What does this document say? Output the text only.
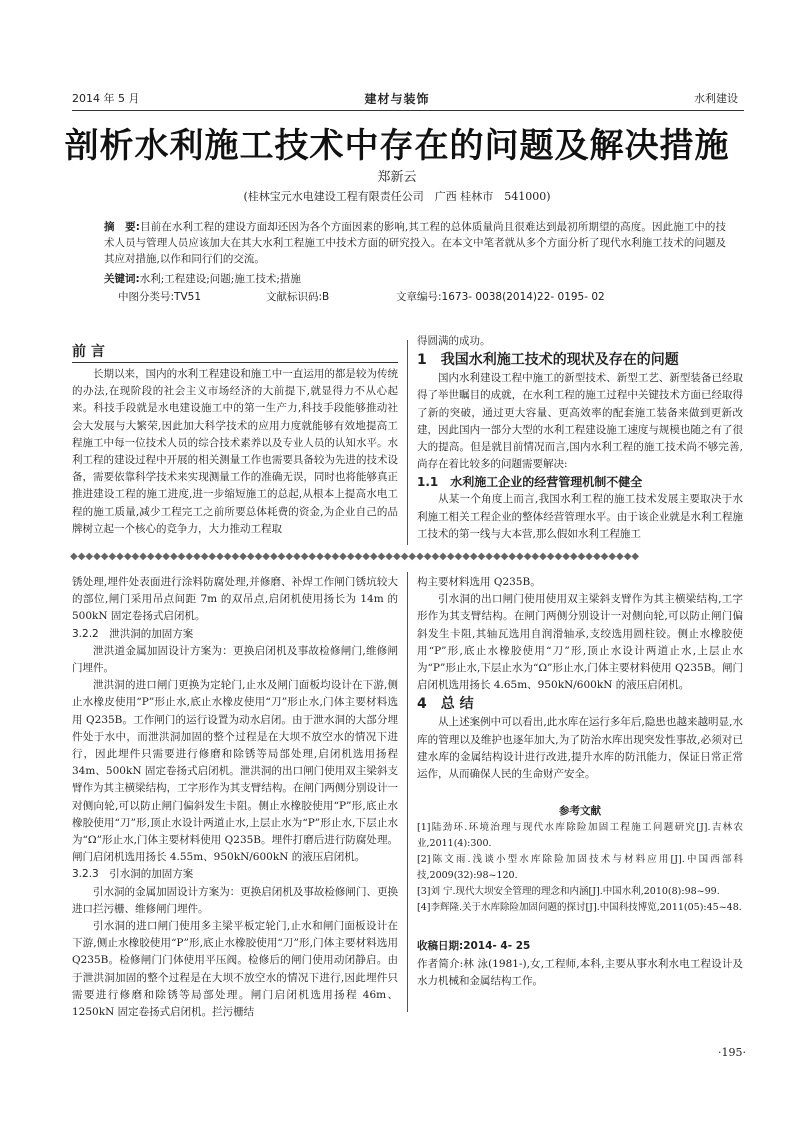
2014 年 5 月	建材与装饰	水利建设
剖析水利施工技术中存在的问题及解决措施
郑新云
(桂林宝元水电建设工程有限责任公司　广西 桂林市　541000)
摘　要:目前在水利工程的建设方面却还因为各个方面因素的影响,其工程的总体质量尚且很难达到最初所期望的高度。因此施工中的技术人员与管理人员应该加大在其大水利工程施工中技术方面的研究投入。在本文中笔者就从多个方面分析了现代水利施工技术的问题及其应对措施,以作和同行们的交流。
关键词:水利;工程建设;问题;施工技术;措施
中图分类号:TV51	文献标识码:B	文章编号:1673- 0038(2014)22- 0195- 02
前 言

长期以来，国内的水利工程建设和施工中一直运用的都是较为传统的办法,在现阶段的社会主义市场经济的大前提下,就显得力不从心起来。科技手段就是水电建设施工中的第一生产力,科技手段能够推动社会大发展与大繁荣,因此加大科学技术的应用力度就能够有效地提高工程施工中每一位技术人员的综合技术素养以及专业人员的认知水平。水利工程的建设过程中开展的相关测量工作也需要具备较为先进的技术设备，需要依靠科学技术来实现测量工作的准确无误，同时也将能够真正推进建设工程的施工进度,进一步缩短施工的总起,从根本上提高水电工程的施工质量,减少工程完工之前所要总体耗费的资金,为企业自己的品牌树立起一个核心的竞争力，大力推动工程取

得圆满的成功。

1　我国水利施工技术的现状及存在的问题

国内水利建设工程中施工的新型技术、新型工艺、新型装备已经取得了举世瞩目的成就，在水利工程的施工过程中关键技术方面已经取得了新的突破，通过更大容量、更高效率的配套施工装备来做到更新改建，因此国内一部分大型的水利工程建设施工速度与规模也随之有了很大的提高。但是就目前情况而言,国内水利工程的施工技术尚不够完善,尚存在着比较多的问题需要解决:

1.1　水利施工企业的经营管理机制不健全

从某一个角度上而言,我国水利工程的施工技术发展主要取决于水利施工相关工程企业的整体经营管理水平。由于该企业就是水利工程施工技术的第一线与大本营,那么假如水利工程施工

◆◆◆◆◆◆◆◆◆◆◆◆◆◆◆◆◆◆◆◆◆◆◆◆◆◆◆◆◆◆◆◆◆◆◆◆◆◆◆◆◆◆◆◆◆◆◆◆◆◆◆◆◆◆◆◆◆◆◆◆◆◆◆◆◆◆◆◆◆◆◆◆◆◆

锈处理,埋件处表面进行涂料防腐处理,并修磨、补焊工作闸门锈坑较大的部位,闸门采用吊点间距 7m 的双吊点,启闭机使用扬长为 14m 的 500kN 固定卷扬式启闭机。

3.2.2　泄洪洞的加固方案

泄洪道金属加固设计方案为：更换启闭机及事故检修闸门,维修闸门埋件。

泄洪洞的进口闸门更换为定轮门,止水及闸门面板均设计在下游,侧止水橡皮使用“P”形止水,底止水橡皮使用“刀”形止水,门体主要材料选用 Q235B。工作闸门的运行设置为动水启闭。由于泄水洞的大部分埋件处于水中，而泄洪洞加固的整个过程是在大坝不放空水的情况下进行，因此埋件只需要进行修磨和除锈等局部处理,启闭机选用扬程 34m、500kN 固定卷扬式启闭机。泄洪洞的出口闸门使用双主梁斜支臂作为其主横梁结构，工字形作为其支臂结构。在闸门两侧分别设计一对侧向轮,可以防止闸门偏斜发生卡阻。侧止水橡胶使用“P”形,底止水橡胶使用“刀”形,顶止水设计两道止水,上层止水为“P”形止水,下层止水为“Ω”形止水,门体主要材料使用 Q235B。埋件打磨后进行防腐处理。闸门启闭机选用扬长 4.55m、950kN/600kN 的液压启闭机。

3.2.3　引水洞的加固方案

引水洞的金属加固设计方案为：更换启闭机及事故检修闸门、更换进口拦污栅、维修闸门埋件。

引水洞的进口闸门使用多主梁平板定轮门,止水和闸门面板设计在下游,侧止水橡胶使用“P”形,底止水橡胶使用“刀”形,门体主要材料选用 Q235B。检修闸门门体使用平压阀。检修后的闸门使用动闭静启。由于泄洪洞加固的整个过程是在大坝不放空水的情况下进行,因此埋件只需要进行修磨和除锈等局部处理。闸门启闭机选用扬程 46m、1250kN 固定卷扬式启闭机。拦污栅结

构主要材料选用 Q235B。

引水洞的出口闸门使用使用双主梁斜支臂作为其主横梁结构,工字形作为其支臂结构。在闸门两侧分别设计一对侧向轮,可以防止闸门偏斜发生卡阻,其轴瓦选用自润滑轴承,支绞选用圆柱铰。侧止水橡胶使用“P”形,底止水橡胶使用“刀”形,顶止水设计两道止水,上层止水为“P”形止水,下层止水为“Ω”形止水,门体主要材料使用 Q235B。闸门启闭机选用扬长 4.65m、950kN/600kN 的液压启闭机。

4　总 结

从上述案例中可以看出,此水库在运行多年后,隐患也越来越明显,水库的管理以及维护也逐年加大,为了防治水库出现突发性事故,必须对已建水库的金属结构设计进行改进,提升水库的防汛能力，保证日常正常运作，从而确保人民的生命财产安全。

参考文献

[1]陆劲环.环境治理与现代水库除险加固工程施工问题研究[J].吉林农业,2011(4):300.

[2]陈文雨.浅谈小型水库除险加固技术与材料应用[J].中国西部科技,2009(32):98~120.

[3]刘 宁.现代大坝安全管理的理念和内涵[J].中国水利,2010(8):98~99.

[4]李辉隆.关于水库除险加固问题的探讨[J].中国科技博览,2011(05):45~48.

收稿日期:2014- 4- 25

作者简介:林 泳(1981-),女,工程师,本科,主要从事水利水电工程设计及水力机械和金属结构工作。

·195·
